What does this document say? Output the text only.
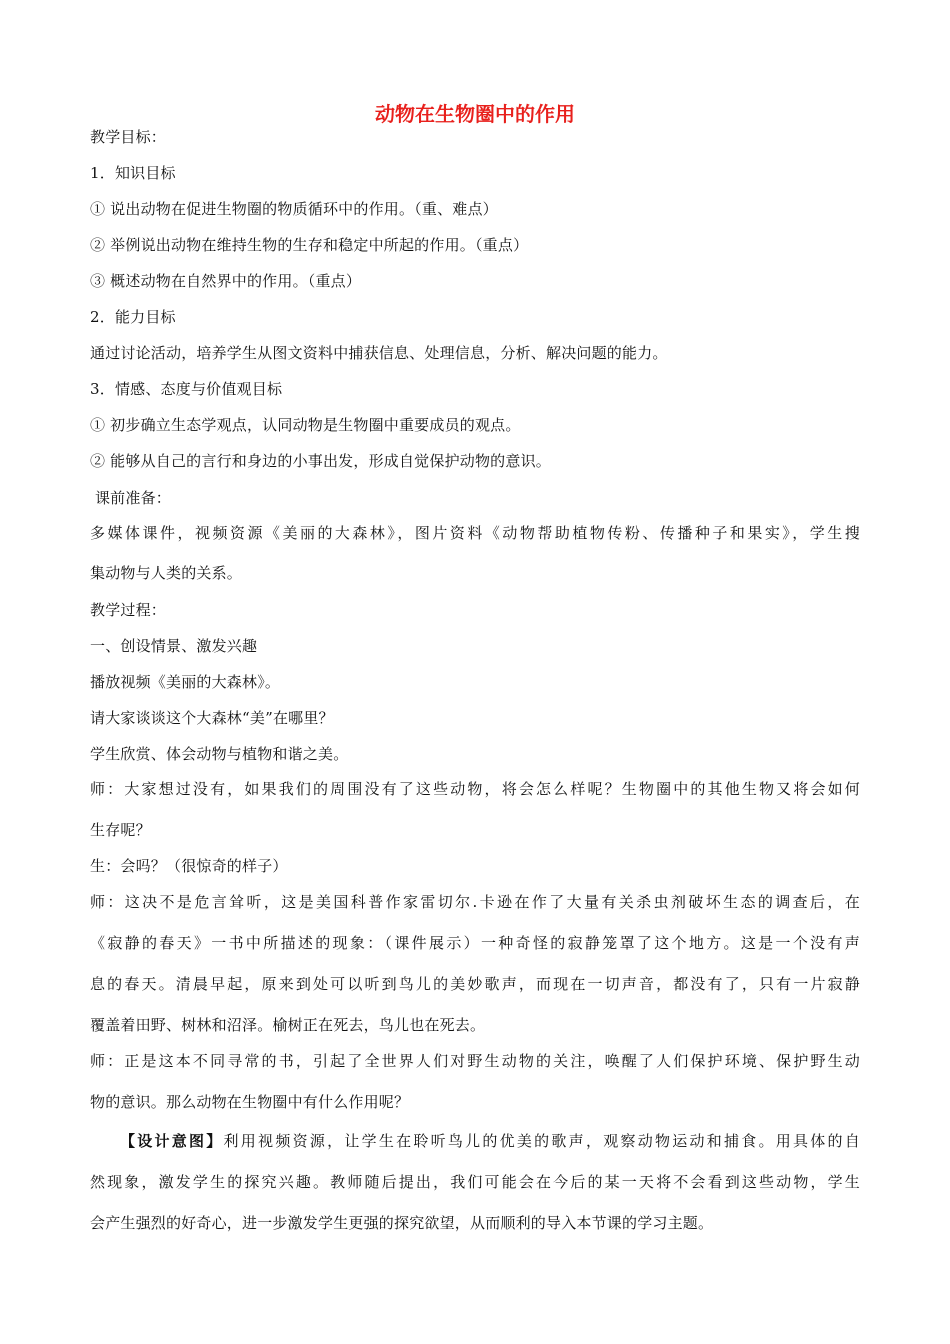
动物在生物圈中的作用
教学目标：
1．知识目标
① 说出动物在促进生物圈的物质循环中的作用。（重、难点）
② 举例说出动物在维持生物的生存和稳定中所起的作用。（重点）
③ 概述动物在自然界中的作用。（重点）
2．能力目标
通过讨论活动，培养学生从图文资料中捕获信息、处理信息，分析、解决问题的能力。
3．情感、态度与价值观目标
① 初步确立生态学观点，认同动物是生物圈中重要成员的观点。
② 能够从自己的言行和身边的小事出发，形成自觉保护动物的意识。
课前准备：
多媒体课件，视频资源《美丽的大森林》，图片资料《动物帮助植物传粉、传播种子和果实》，学生搜
集动物与人类的关系。
教学过程：
一、创设情景、激发兴趣
播放视频《美丽的大森林》。
请大家谈谈这个大森林“美”在哪里？
学生欣赏、体会动物与植物和谐之美。
师：大家想过没有，如果我们的周围没有了这些动物，将会怎么样呢？生物圈中的其他生物又将会如何
生存呢？
生：会吗？（很惊奇的样子）
师：这决不是危言耸听，这是美国科普作家雷切尔.卡逊在作了大量有关杀虫剂破坏生态的调查后，在
《寂静的春天》一书中所描述的现象：（课件展示）一种奇怪的寂静笼罩了这个地方。这是一个没有声
息的春天。清晨早起，原来到处可以听到鸟儿的美妙歌声，而现在一切声音，都没有了，只有一片寂静
覆盖着田野、树林和沼泽。榆树正在死去，鸟儿也在死去。
师：正是这本不同寻常的书，引起了全世界人们对野生动物的关注，唤醒了人们保护环境、保护野生动
物的意识。那么动物在生物圈中有什么作用呢？
【设计意图】利用视频资源，让学生在聆听鸟儿的优美的歌声，观察动物运动和捕食。用具体的自
然现象，激发学生的探究兴趣。教师随后提出，我们可能会在今后的某一天将不会看到这些动物，学生
会产生强烈的好奇心，进一步激发学生更强的探究欲望，从而顺利的导入本节课的学习主题。
